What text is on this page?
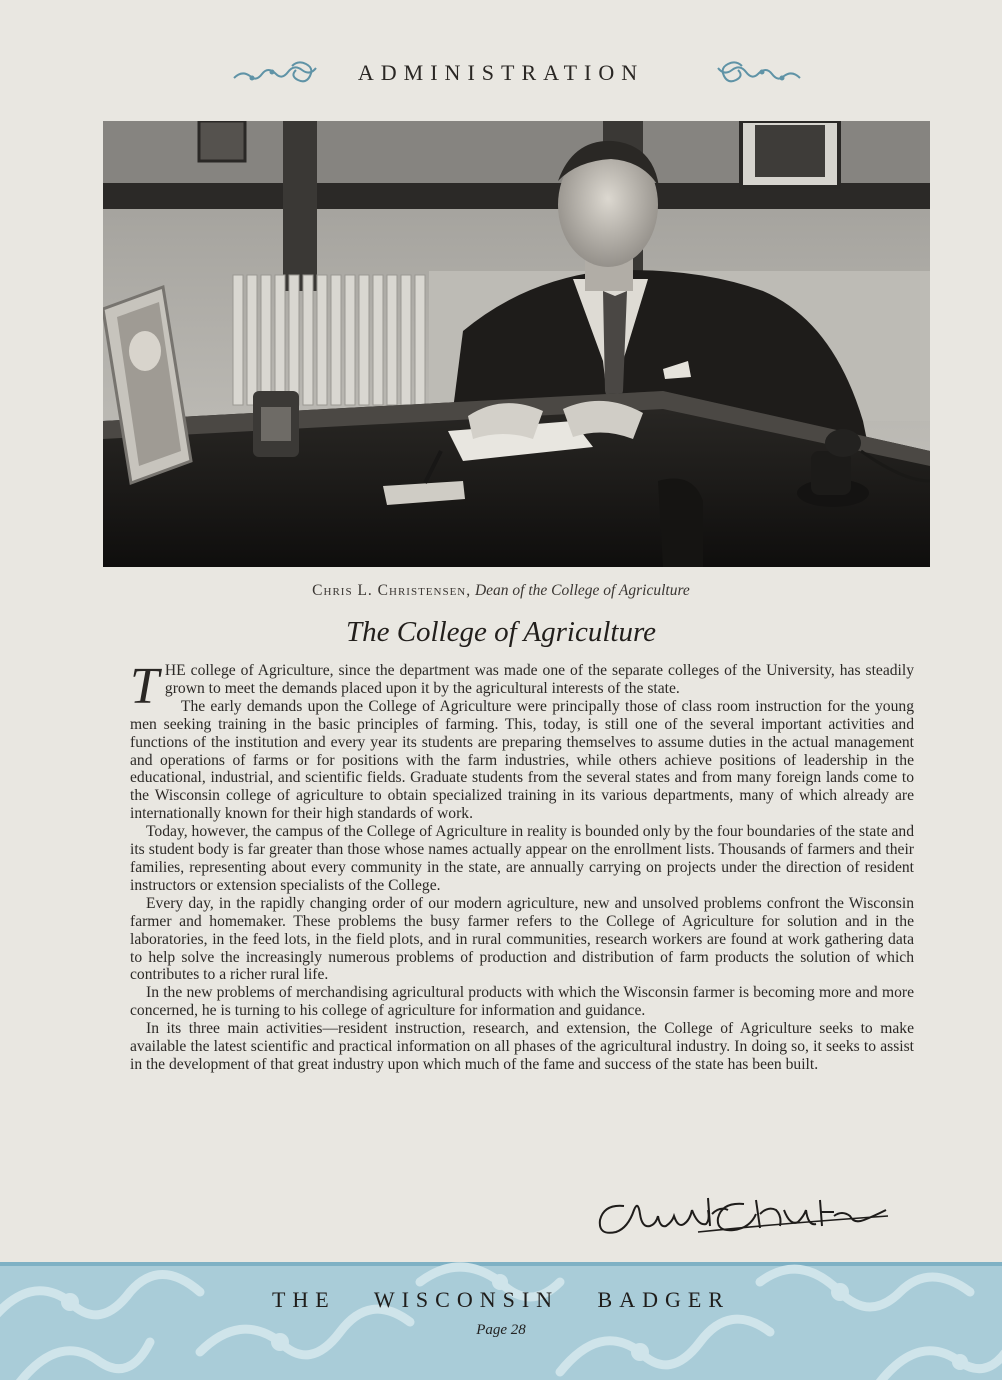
ADMINISTRATION
Chris L. Christensen, Dean of the College of Agriculture
The College of Agriculture

THE college of Agriculture, since the department was made one of the separate colleges of the University, has steadily grown to meet the demands placed upon it by the agricultural interests of the state.

The early demands upon the College of Agriculture were principally those of class room instruction for the young men seeking training in the basic principles of farming. This, today, is still one of the several important activities and functions of the institution and every year its students are preparing themselves to assume duties in the actual management and operations of farms or for positions with the farm industries, while others achieve positions of leadership in the educational, industrial, and scientific fields. Graduate students from the several states and from many foreign lands come to the Wisconsin college of agriculture to obtain specialized training in its various departments, many of which already are internationally known for their high standards of work.

Today, however, the campus of the College of Agriculture in reality is bounded only by the four boundaries of the state and its student body is far greater than those whose names actually appear on the enrollment lists. Thousands of farmers and their families, representing about every community in the state, are annually carrying on projects under the direction of resident instructors or extension specialists of the College.

Every day, in the rapidly changing order of our modern agriculture, new and unsolved problems confront the Wisconsin farmer and homemaker. These problems the busy farmer refers to the College of Agriculture for solution and in the laboratories, in the feed lots, in the field plots, and in rural communities, research workers are found at work gathering data to help solve the increasingly numerous problems of production and distribution of farm products the solution of which contributes to a richer rural life.

In the new problems of merchandising agricultural products with which the Wisconsin farmer is becoming more and more concerned, he is turning to his college of agriculture for information and guidance.

In its three main activities—resident instruction, research, and extension, the College of Agriculture seeks to make available the latest scientific and practical information on all phases of the agricultural industry. In doing so, it seeks to assist in the development of that great industry upon which much of the fame and success of the state has been built.

THE WISCONSIN BADGER
Page 28
